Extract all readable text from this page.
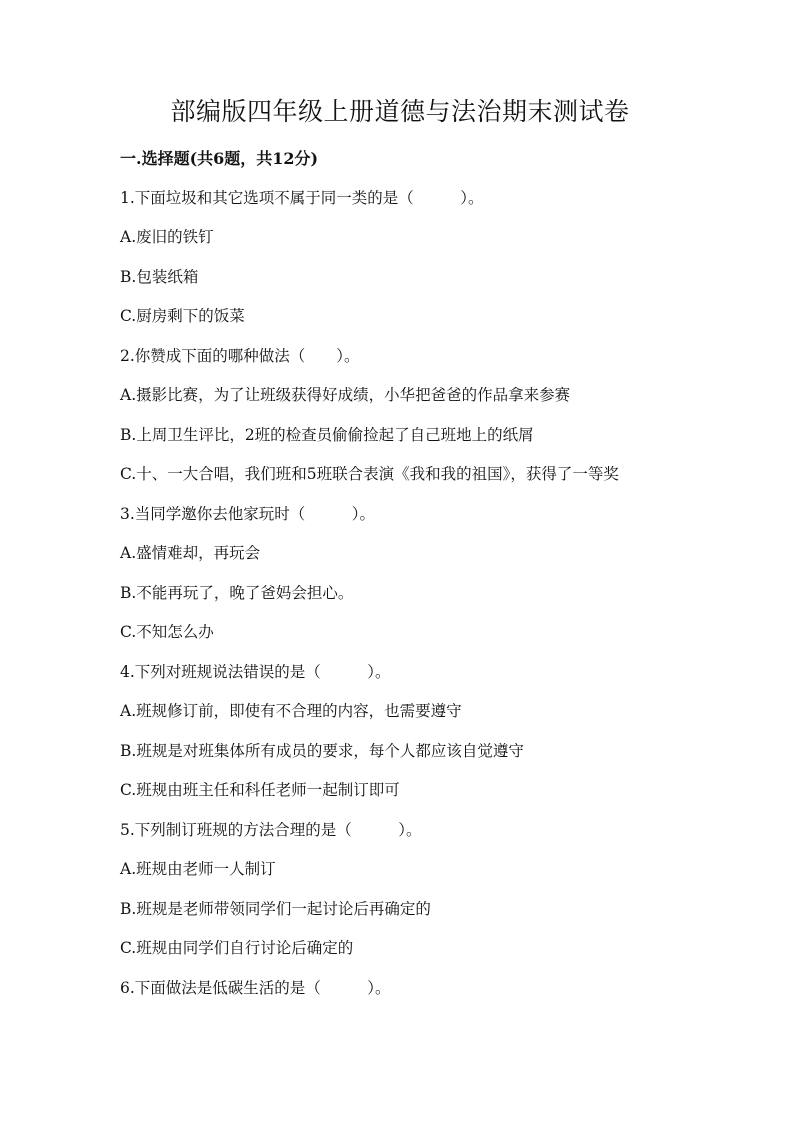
部编版四年级上册道德与法治期末测试卷
一.选择题(共6题，共12分)
1.下面垃圾和其它选项不属于同一类的是（　　　）。
A.废旧的铁钉
B.包装纸箱
C.厨房剩下的饭菜
2.你赞成下面的哪种做法（　　）。
A.摄影比赛，为了让班级获得好成绩，小华把爸爸的作品拿来参赛
B.上周卫生评比，2班的检查员偷偷捡起了自己班地上的纸屑
C.十、一大合唱，我们班和5班联合表演《我和我的祖国》，获得了一等奖
3.当同学邀你去他家玩时（　　　）。
A.盛情难却，再玩会
B.不能再玩了，晚了爸妈会担心。
C.不知怎么办
4.下列对班规说法错误的是（　　　）。
A.班规修订前，即使有不合理的内容，也需要遵守
B.班规是对班集体所有成员的要求，每个人都应该自觉遵守
C.班规由班主任和科任老师一起制订即可
5.下列制订班规的方法合理的是（　　　）。
A.班规由老师一人制订
B.班规是老师带领同学们一起讨论后再确定的
C.班规由同学们自行讨论后确定的
6.下面做法是低碳生活的是（　　　）。
